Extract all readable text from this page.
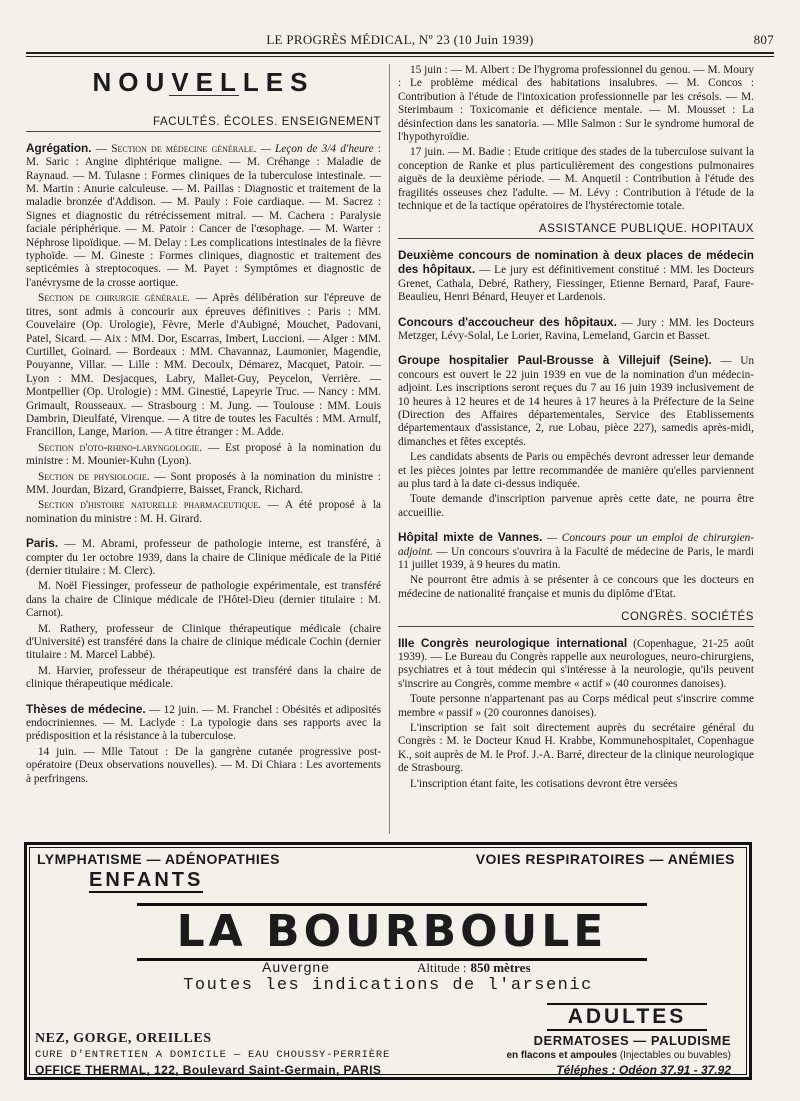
LE PROGRÈS MÉDICAL, Nº 23 (10 Juin 1939)	807
NOUVELLES
FACULTÉS. ÉCOLES. ENSEIGNEMENT

Agrégation. — Section de médecine générale. — Leçon de 3/4 d'heure : M. Saric : Angine diphtérique maligne. — M. Créhange : Maladie de Raynaud. — M. Tulasne : Formes cliniques de la tuberculose intestinale. — M. Martin : Anurie calculeuse. — M. Paillas : Diagnostic et traitement de la maladie bronzée d'Addison. — M. Pauly : Foie cardiaque. — M. Sacrez : Signes et diagnostic du rétrécissement mitral. — M. Cachera : Paralysie faciale périphérique. — M. Patoir : Cancer de l'œsophage. — M. Warter : Néphrose lipoïdique. — M. Delay : Les complications intestinales de la fièvre typhoïde. — M. Gineste : Formes cliniques, diagnostic et traitement des septicémies à streptocoques. — M. Payet : Symptômes et diagnostic de l'anévrysme de la crosse aortique.

Section de chirurgie générale. — Après délibération sur l'épreuve de titres, sont admis à concourir aux épreuves définitives : Paris : MM. Couvelaire (Op. Urologie), Fèvre, Merle d'Aubigné, Mouchet, Padovani, Patel, Sicard. — Aix : MM. Dor, Escarras, Imbert, Luccioni. — Alger : MM. Curtillet, Goinard. — Bordeaux : MM. Chavannaz, Laumonier, Magendie, Pouyanne, Villar. — Lille : MM. Decoulx, Démarez, Macquet, Patoir. — Lyon : MM. Desjacques, Labry, Mallet-Guy, Peycelon, Verrière. — Montpellier (Op. Urologie) : MM. Ginestié, Lapeyrie Truc. — Nancy : MM. Grimault, Rousseaux. — Strasbourg : M. Jung. — Toulouse : MM. Louis Dambrin, Dieulfaté, Virenque. — A titre de toutes les Facultés : MM. Arnulf, Francillon, Lange, Marion. — A titre étranger : M. Adde.

Section d'oto-rhino-laryngologie. — Est proposé à la nomination du ministre : M. Mounier-Kuhn (Lyon).

Section de physiologie. — Sont proposés à la nomination du ministre : MM. Jourdan, Bizard, Grandpierre, Baisset, Franck, Richard.

Section d'histoire naturelle pharmaceutique. — A été proposé à la nomination du ministre : M. H. Girard.

Paris. — M. Abrami, professeur de pathologie interne, est transféré, à compter du 1er octobre 1939, dans la chaire de Clinique médicale de la Pitié (dernier titulaire : M. Clerc).

M. Noël Fiessinger, professeur de pathologie expérimentale, est transféré dans la chaire de Clinique médicale de l'Hôtel-Dieu (dernier titulaire : M. Carnot).

M. Rathery, professeur de Clinique thérapeutique médicale (chaire d'Université) est transféré dans la chaire de clinique médicale Cochin (dernier titulaire : M. Marcel Labbé).

M. Harvier, professeur de thérapeutique est transféré dans la chaire de clinique thérapeutique médicale.

Thèses de médecine. — 12 juin. — M. Franchel : Obésités et adiposités endocriniennes. — M. Laclyde : La typologie dans ses rapports avec la prédisposition et la résistance à la tuberculose.

14 juin. — Mlle Tatout : De la gangrène cutanée progressive post-opératoire (Deux observations nouvelles). — M. Di Chiara : Les avortements à perfringens.

15 juin : — M. Albert : De l'hygroma professionnel du genou. — M. Moury : Le problème médical des habitations insalubres. — M. Concos : Contribution à l'étude de l'intoxication professionnelle par les crésols. — M. Sterimbaum : Toxicomanie et déficience mentale. — M. Mousset : La désinfection dans les sanatoria. — Mlle Salmon : Sur le syndrome humoral de l'hypothyroïdie.

17 juin. — M. Badie : Etude critique des stades de la tuberculose suivant la conception de Ranke et plus particulièrement des congestions pulmonaires aiguës de la deuxième période. — M. Anquetil : Contribution à l'étude des fragilités osseuses chez l'adulte. — M. Lévy : Contribution à l'étude de la technique et de la tactique opératoires de l'hystérectomie totale.

ASSISTANCE PUBLIQUE. HOPITAUX

Deuxième concours de nomination à deux places de médecin des hôpitaux. — Le jury est définitivement constitué : MM. les Docteurs Grenet, Cathala, Debré, Rathery, Fiessinger, Etienne Bernard, Paraf, Faure-Beaulieu, Henri Bénard, Heuyer et Lardenois.

Concours d'accoucheur des hôpitaux. — Jury : MM. les Docteurs Metzger, Lévy-Solal, Le Lorier, Ravina, Lemeland, Garcin et Basset.

Groupe hospitalier Paul-Brousse à Villejuif (Seine). — Un concours est ouvert le 22 juin 1939 en vue de la nomination d'un médecin-adjoint. Les inscriptions seront reçues du 7 au 16 juin 1939 inclusivement de 10 heures à 12 heures et de 14 heures à 17 heures à la Préfecture de la Seine (Direction des Affaires départementales, Service des Etablissements départementaux d'assistance, 2, rue Lobau, pièce 227), samedis après-midi, dimanches et fêtes exceptés.

Les candidats absents de Paris ou empêchés devront adresser leur demande et les pièces jointes par lettre recommandée de manière qu'elles parviennent au plus tard à la date ci-dessus indiquée.

Toute demande d'inscription parvenue après cette date, ne pourra être accueillie.

Hôpital mixte de Vannes. — Concours pour un emploi de chirurgien-adjoint. — Un concours s'ouvrira à la Faculté de médecine de Paris, le mardi 11 juillet 1939, à 9 heures du matin.

Ne pourront être admis à se présenter à ce concours que les docteurs en médecine de nationalité française et munis du diplôme d'Etat.

CONGRÈS. SOCIÉTÉS

IIIe Congrès neurologique international (Copenhague, 21-25 août 1939). — Le Bureau du Congrès rappelle aux neurologues, neuro-chirurgiens, psychiatres et à tout médecin qui s'intéresse à la neurologie, qu'ils peuvent s'inscrire au Congrès, comme membre « actif » (40 couronnes danoises).

Toute personne n'appartenant pas au Corps médical peut s'inscrire comme membre « passif » (20 couronnes danoises).

L'inscription se fait soit directement auprès du secrétaire général du Congrès : M. le Docteur Knud H. Krabbe, Kommunehospitalet, Copenhague K., soit auprès de M. le Prof. J.-A. Barré, directeur de la clinique neurologique de Strasbourg.

L'inscription étant faite, les cotisations devront être versées

LYMPHATISME — ADÉNOPATHIES	VOIES RESPIRATOIRES — ANÉMIES
ENFANTS
LA BOURBOULE
Auvergne	Altitude : 850 mètres
Toutes les indications de l'arsenic
ADULTES
NEZ, GORGE, OREILLES	DERMATOSES — PALUDISME
CURE D'ENTRETIEN A DOMICILE — EAU CHOUSSY-PERRIÈRE	en flacons et ampoules (Injectables ou buvables)
OFFICE THERMAL, 122, Boulevard Saint-Germain, PARIS	Téléphes : Odéon 37.91 - 37.92
